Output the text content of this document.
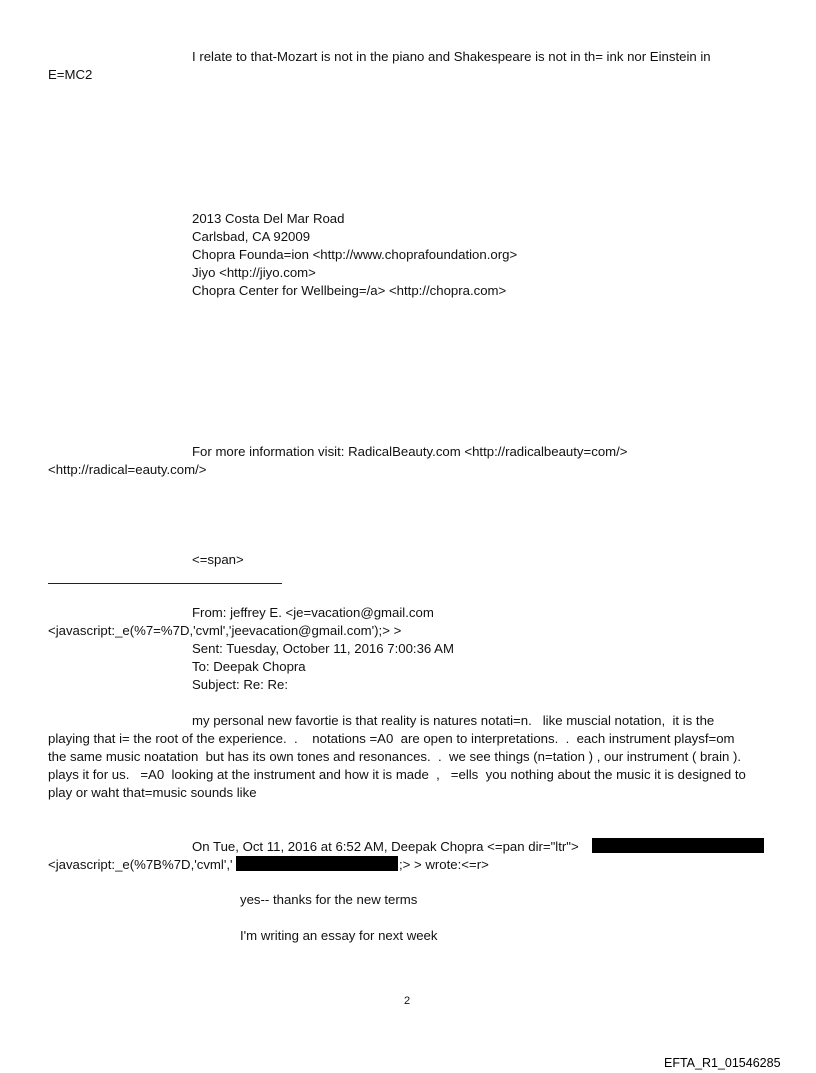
I relate to that-Mozart is not in the piano and Shakespeare is not in th= ink nor Einstein in
E=MC2
2013 Costa Del Mar Road
Carlsbad, CA 92009
Chopra Founda=ion <http://www.choprafoundation.org>
Jiyo <http://jiyo.com>
Chopra Center for Wellbeing=/a> <http://chopra.com>
For more information visit: RadicalBeauty.com <http://radicalbeauty=com/>
<http://radical=eauty.com/>
<=span>
From: jeffrey E. <je=vacation@gmail.com
<javascript:_e(%7=%7D,'cvml','jeevacation@gmail.com');> >
Sent: Tuesday, October 11, 2016 7:00:36 AM
To: Deepak Chopra
Subject: Re: Re:
my personal new favortie is that reality is natures notati=n.   like muscial notation,  it is the
playing that i= the root of the experience.  .    notations =A0  are open to interpretations.  .  each instrument playsf=om
the same music noatation  but has its own tones and resonances.  .  we see things (n=tation ) , our instrument ( brain ).
plays it for us.   =A0  looking at the instrument and how it is made  ,   =ells  you nothing about the music it is designed to
play or waht that=music sounds like
On Tue, Oct 11, 2016 at 6:52 AM, Deepak Chopra <=pan dir="ltr">
<javascript:_e(%7B%7D,'cvml','	;> > wrote:<=r>
yes-- thanks for the new terms
I'm writing an essay for next week
2
EFTA_R1_01546285
